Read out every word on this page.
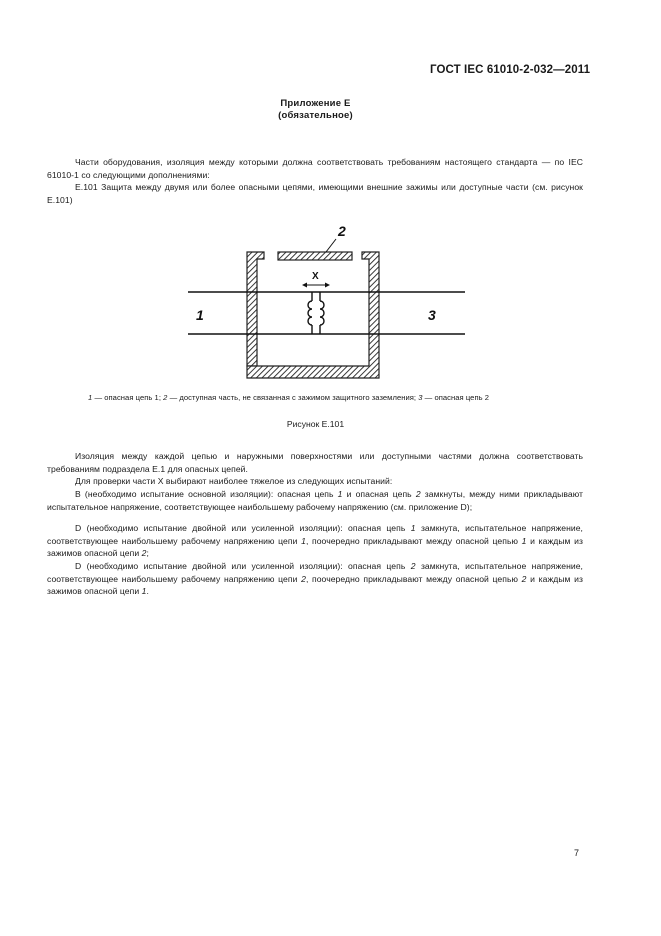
ГОСТ IEC 61010-2-032—2011
Приложение Е
(обязательное)
Части оборудования, изоляция между которыми должна соответствовать требованиям настоящего стандарта — по IEC 61010-1 со следующими дополнениями:
Е.101 Защита между двумя или более опасными цепями, имеющими внешние зажимы или доступные части (см. рисунок Е.101)
2
X
1	3
1 — опасная цепь 1; 2 — доступная часть, не связанная с зажимом защитного заземления; 3 — опасная цепь 2
Рисунок Е.101
Изоляция между каждой цепью и наружными поверхностями или доступными частями должна соответствовать требованиям подраздела Е.1 для опасных цепей.
Для проверки части X выбирают наиболее тяжелое из следующих испытаний:
В (необходимо испытание основной изоляции): опасная цепь 1 и опасная цепь 2 замкнуты, между ними прикладывают испытательное напряжение, соответствующее наибольшему рабочему напряжению (см. приложение D);
D (необходимо испытание двойной или усиленной изоляции): опасная цепь 1 замкнута, испытательное напряжение, соответствующее наибольшему рабочему напряжению цепи 1, поочередно прикладывают между опасной цепью 1 и каждым из зажимов опасной цепи 2;
D (необходимо испытание двойной или усиленной изоляции): опасная цепь 2 замкнута, испытательное напряжение, соответствующее наибольшему рабочему напряжению цепи 2, поочередно прикладывают между опасной цепью 2 и каждым из зажимов опасной цепи 1.
7
